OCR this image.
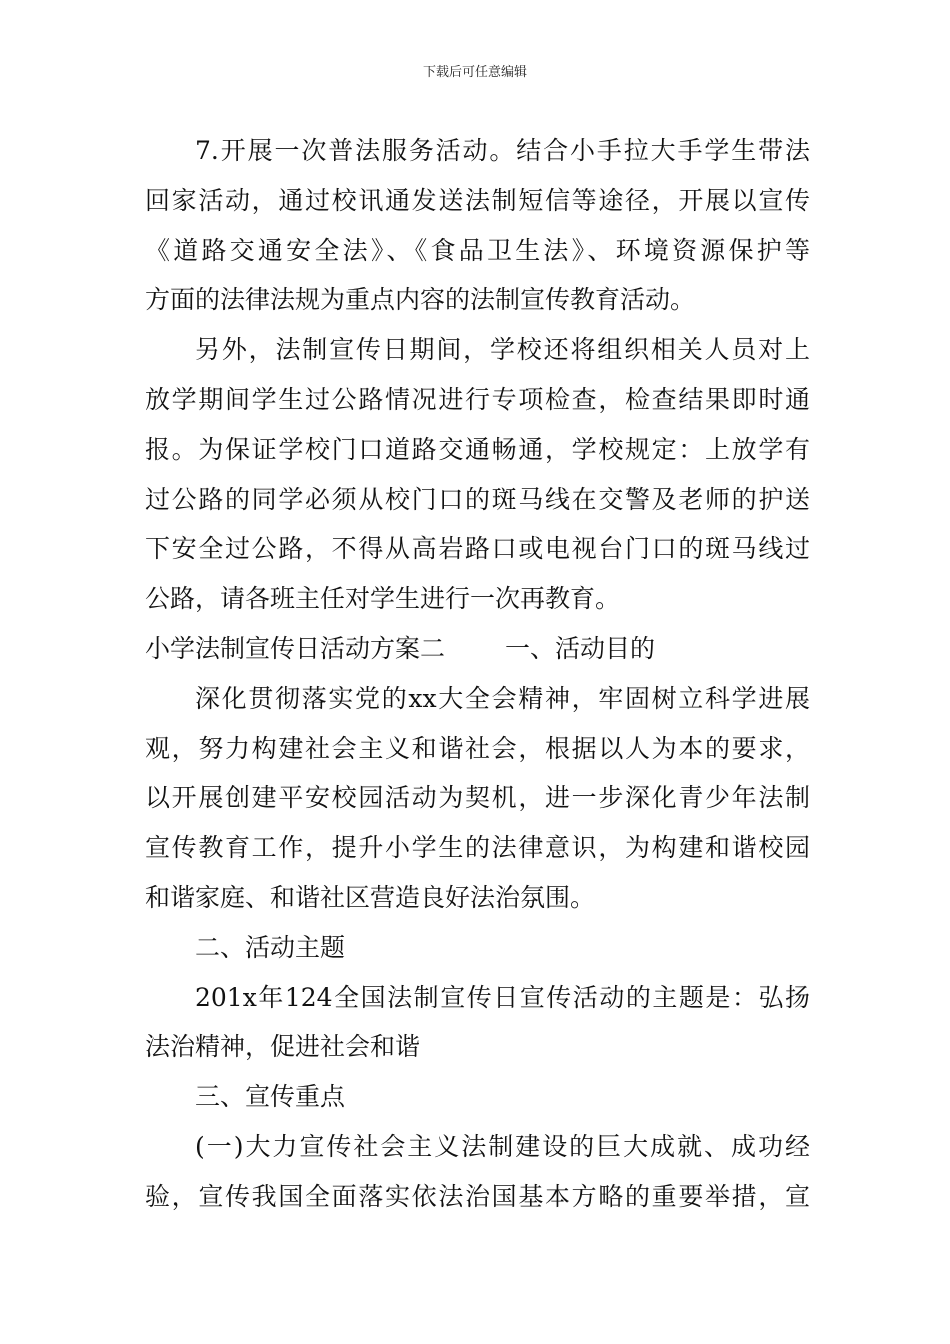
下载后可任意编辑
7.开展一次普法服务活动。结合小手拉大手学生带法
回家活动，通过校讯通发送法制短信等途径，开展以宣传
《道路交通安全法》、《食品卫生法》、环境资源保护等
方面的法律法规为重点内容的法制宣传教育活动。
另外，法制宣传日期间，学校还将组织相关人员对上
放学期间学生过公路情况进行专项检查，检查结果即时通
报。为保证学校门口道路交通畅通，学校规定：上放学有
过公路的同学必须从校门口的斑马线在交警及老师的护送
下安全过公路，不得从高岩路口或电视台门口的斑马线过
公路，请各班主任对学生进行一次再教育。
小学法制宣传日活动方案二 一、活动目的
深化贯彻落实党的xx大全会精神，牢固树立科学进展
观，努力构建社会主义和谐社会，根据以人为本的要求，
以开展创建平安校园活动为契机，进一步深化青少年法制
宣传教育工作，提升小学生的法律意识，为构建和谐校园
和谐家庭、和谐社区营造良好法治氛围。
二、活动主题
201x年124全国法制宣传日宣传活动的主题是：弘扬
法治精神，促进社会和谐
三、宣传重点
(一)大力宣传社会主义法制建设的巨大成就、成功经
验，宣传我国全面落实依法治国基本方略的重要举措，宣
